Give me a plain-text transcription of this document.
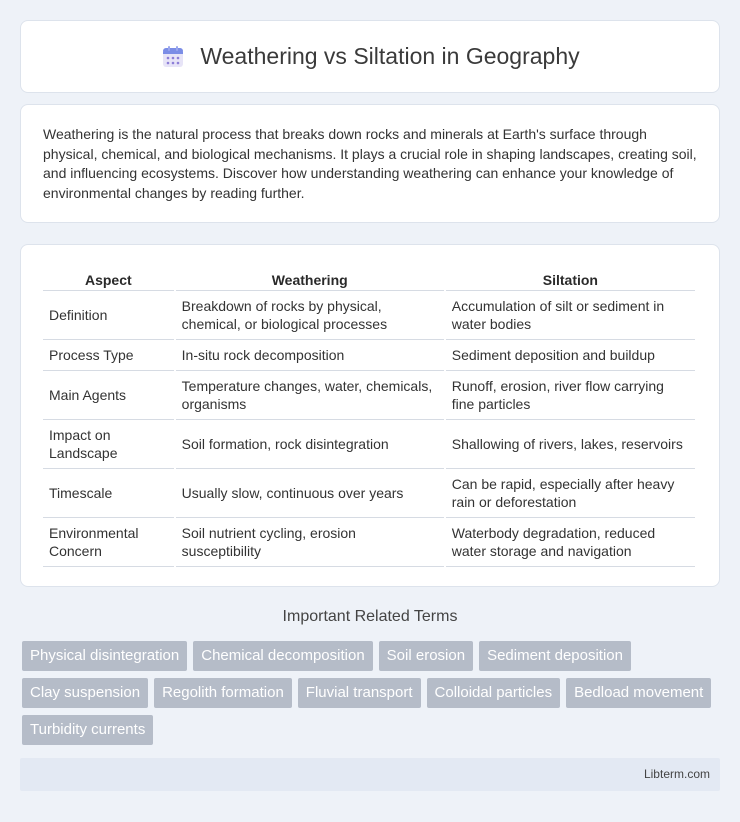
Weathering vs Siltation in Geography

Weathering is the natural process that breaks down rocks and minerals at Earth's surface through physical, chemical, and biological mechanisms. It plays a crucial role in shaping landscapes, creating soil, and influencing ecosystems. Discover how understanding weathering can enhance your knowledge of environmental changes by reading further.

Aspect	Weathering	Siltation
Definition	Breakdown of rocks by physical, chemical, or biological processes	Accumulation of silt or sediment in water bodies
Process Type	In-situ rock decomposition	Sediment deposition and buildup
Main Agents	Temperature changes, water, chemicals, organisms	Runoff, erosion, river flow carrying fine particles
Impact on Landscape	Soil formation, rock disintegration	Shallowing of rivers, lakes, reservoirs
Timescale	Usually slow, continuous over years	Can be rapid, especially after heavy rain or deforestation
Environmental Concern	Soil nutrient cycling, erosion susceptibility	Waterbody degradation, reduced water storage and navigation
Important Related Terms
Physical disintegration	Chemical decomposition	Soil erosion	Sediment deposition
Clay suspension	Regolith formation	Fluvial transport	Colloidal particles	Bedload movement
Turbidity currents
Libterm.com
